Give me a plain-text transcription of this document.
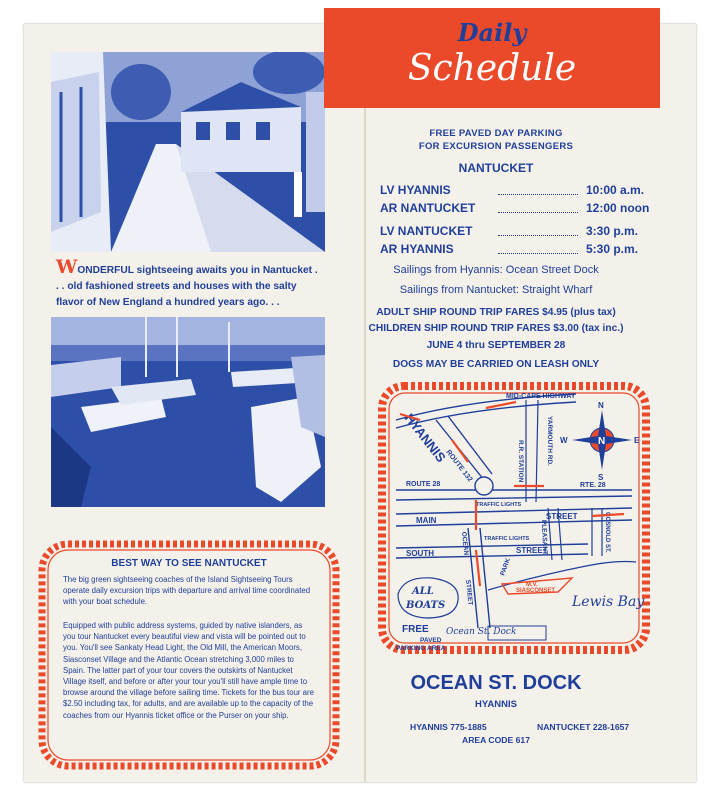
WONDERFUL sightseeing awaits you in Nantucket . . . old fashioned streets and houses with the salty flavor of New England a hundred years ago. . .
BEST WAY TO SEE NANTUCKET
The big green sightseeing coaches of the Island Sightseeing Tours operate daily excursion trips with departure and arrival time coordinated with your boat schedule.
Equipped with public address systems, guided by native islanders, as you tour Nantucket every beautiful view and vista will be pointed out to you. You'll see Sankaty Head Light, the Old Mill, the American Moors, Siasconset Village and the Atlantic Ocean stretching 3,000 miles to Spain. The latter part of your tour covers the outskirts of Nantucket Village itself, and before or after your tour you'll still have ample time to browse around the village before sailing time. Tickets for the bus tour are $2.50 including tax, for adults, and are available up to the capacity of the coaches from our Hyannis ticket office or the Purser on your ship.
Daily
Schedule
FREE PAVED DAY PARKING
FOR EXCURSION PASSENGERS
NANTUCKET
LV HYANNIS	10:00 a.m.
AR NANTUCKET	12:00 noon
LV NANTUCKET	3:30 p.m.
AR HYANNIS	5:30 p.m.
Sailings from Hyannis: Ocean Street Dock
Sailings from Nantucket: Straight Wharf
ADULT SHIP ROUND TRIP FARES $4.95 (plus tax)
CHILDREN SHIP ROUND TRIP FARES $3.00 (tax inc.)
JUNE 4 thru SEPTEMBER 28
DOGS MAY BE CARRIED ON LEASH ONLY
MID-CAPE HIGHWAY
ROUTE 132
HYANNIS	R.R. STATION	YARMOUTH RD.
ROUTE 28	RTE. 28
MAIN	STREET
TRAFFIC LIGHTS
OCEAN
STREET
PLEASANT	GOSNOLD ST.
SOUTH	STREET
TRAFFIC LIGHTS
PARK
Lewis Bay
M.V.
SIASCONSET
ALL
BOATS
FREE
PAVED
PARKING AREA
Ocean St. Dock
N
N
E
S
W
OCEAN ST. DOCK
HYANNIS
HYANNIS 775-1885	NANTUCKET 228-1657
AREA CODE 617
